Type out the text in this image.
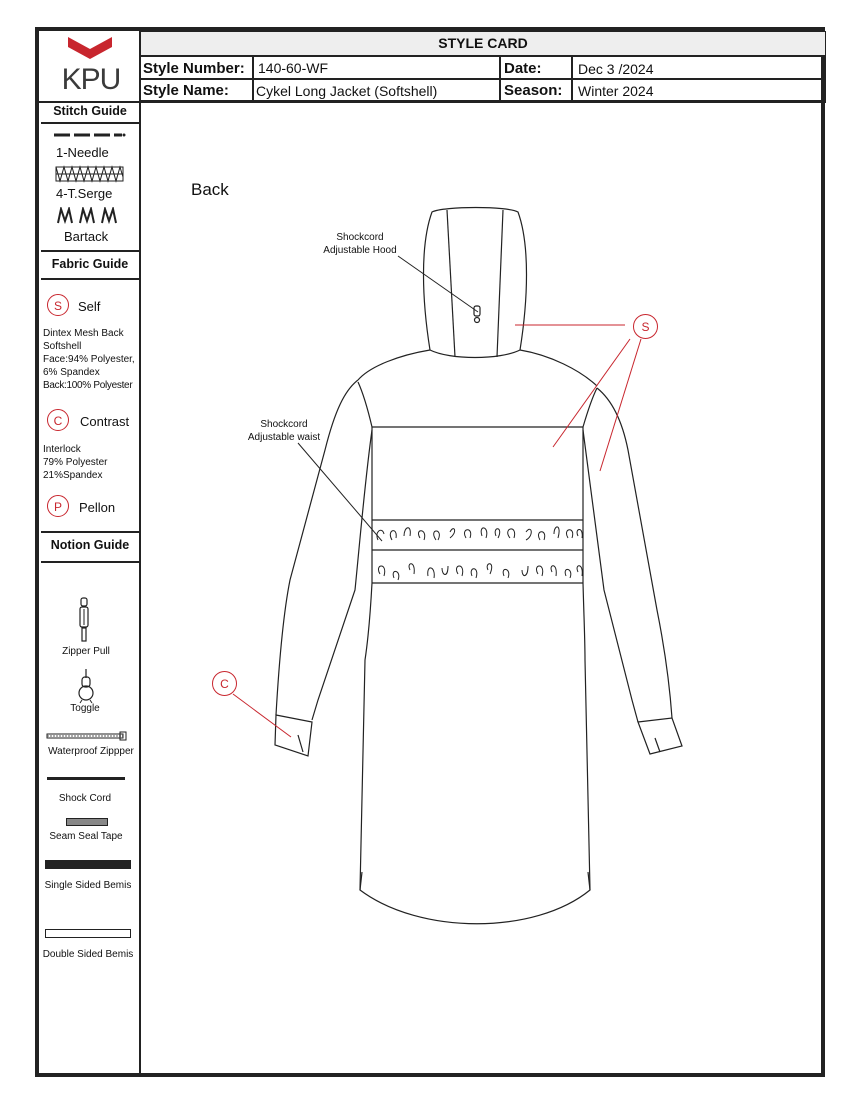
KPU
STYLE CARD
Style Number: 140-60-WF	Date:	Dec 3 /2024
Style Name: Cykel Long Jacket (Softshell)	Season: Winter 2024
Stitch Guide
1-Needle
4-T.Serge
Bartack
Fabric Guide
S	Self
Dintex Mesh Back
Softshell
Face:94% Polyester,
6% Spandex
Back:100% Polyester
C	Contrast
Interlock
79% Polyester
21%Spandex
P	Pellon
Notion Guide
Zipper Pull
Toggle
Waterproof Zippper
Shock Cord
Seam Seal Tape
Single Sided Bemis
Double Sided Bemis
Back
Shockcord
Adjustable Hood
Shockcord
Adjustable waist
S
C
